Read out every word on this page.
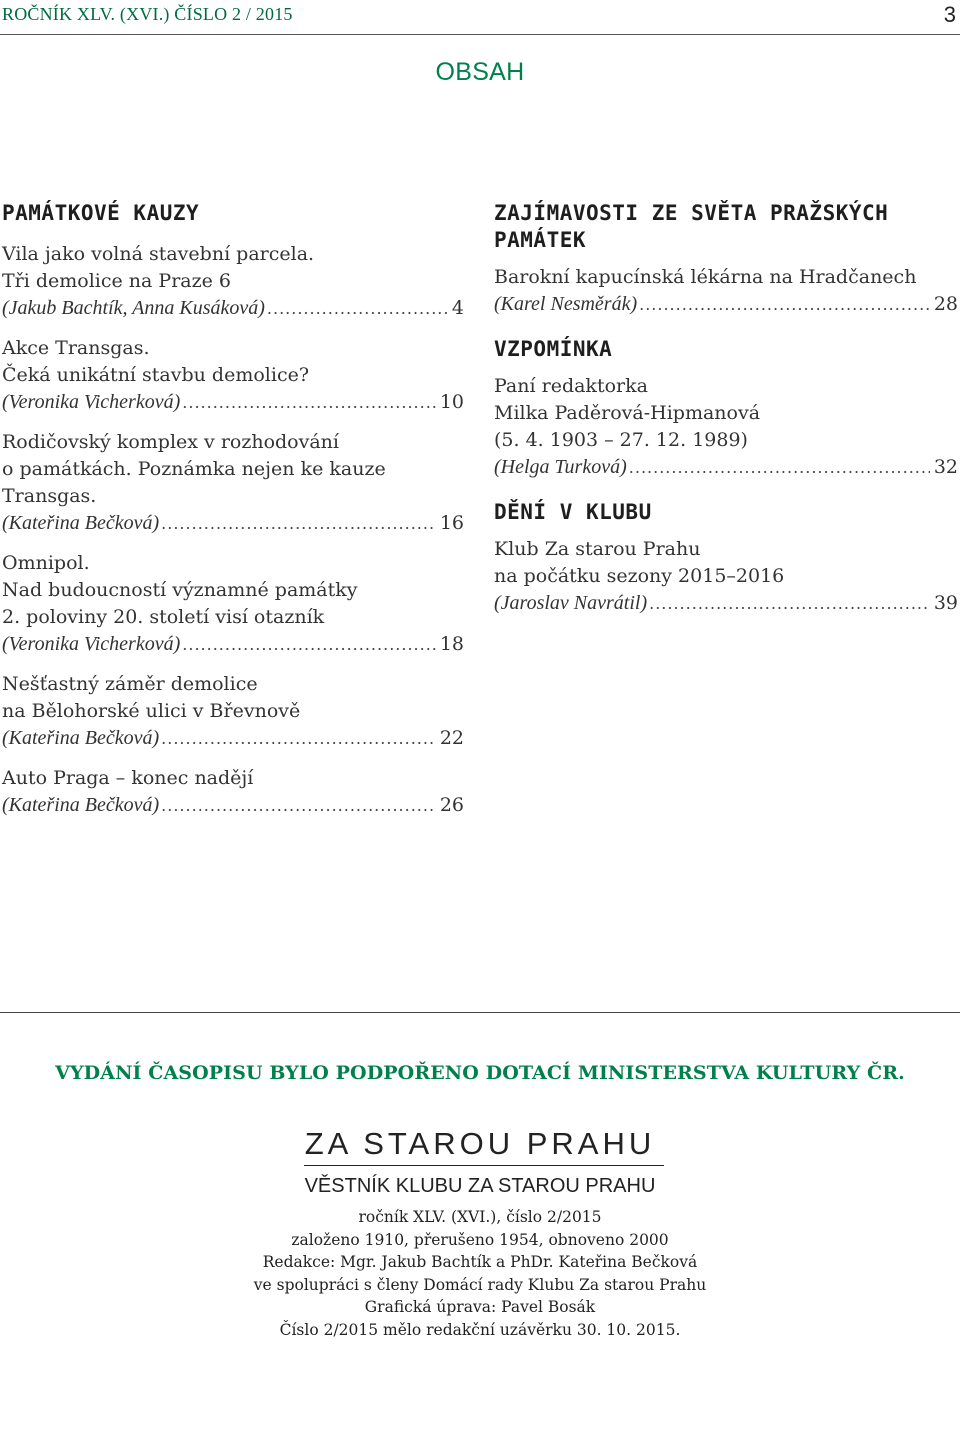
ROČNÍK XLV. (XVI.) ČÍSLO 2 / 2015	3
OBSAH
PAMÁTKOVÉ KAUZY
Vila jako volná stavební parcela.
Tři demolice na Praze 6
(Jakub Bachtík, Anna Kusáková) .....	4
Akce Transgas.
Čeká unikátní stavbu demolice?
(Veronika Vicherková) .....	10
Rodičovský komplex v rozhodování
o památkách. Poznámka nejen ke kauze
Transgas.
(Kateřina Bečková) .....	16
Omnipol.
Nad budoucností významné památky
2. poloviny 20. století visí otazník
(Veronika Vicherková) .....	18
Nešťastný záměr demolice
na Bělohorské ulici v Břevnově
(Kateřina Bečková) .....	22
Auto Praga – konec nadějí
(Kateřina Bečková) .....	26
ZAJÍMAVOSTI ZE SVĚTA PRAŽSKÝCH PAMÁTEK
Barokní kapucínská lékárna na Hradčanech
(Karel Nesměrák) .....	28
VZPOMÍNKA
Paní redaktorka
Milka Paděrová-Hipmanová
(5. 4. 1903 – 27. 12. 1989)
(Helga Turková) .....	32
DĚNÍ V KLUBU
Klub Za starou Prahu
na počátku sezony 2015–2016
(Jaroslav Navrátil) .....	39
VYDÁNÍ ČASOPISU BYLO PODPOŘENO DOTACÍ MINISTERSTVA KULTURY ČR.
ZA STAROU PRAHU
VĚSTNÍK KLUBU ZA STAROU PRAHU
ročník XLV. (XVI.), číslo 2/2015
založeno 1910, přerušeno 1954, obnoveno 2000
Redakce: Mgr. Jakub Bachtík a PhDr. Kateřina Bečková
ve spolupráci s členy Domácí rady Klubu Za starou Prahu
Grafická úprava: Pavel Bosák
Číslo 2/2015 mělo redakční uzávěrku 30. 10. 2015.
